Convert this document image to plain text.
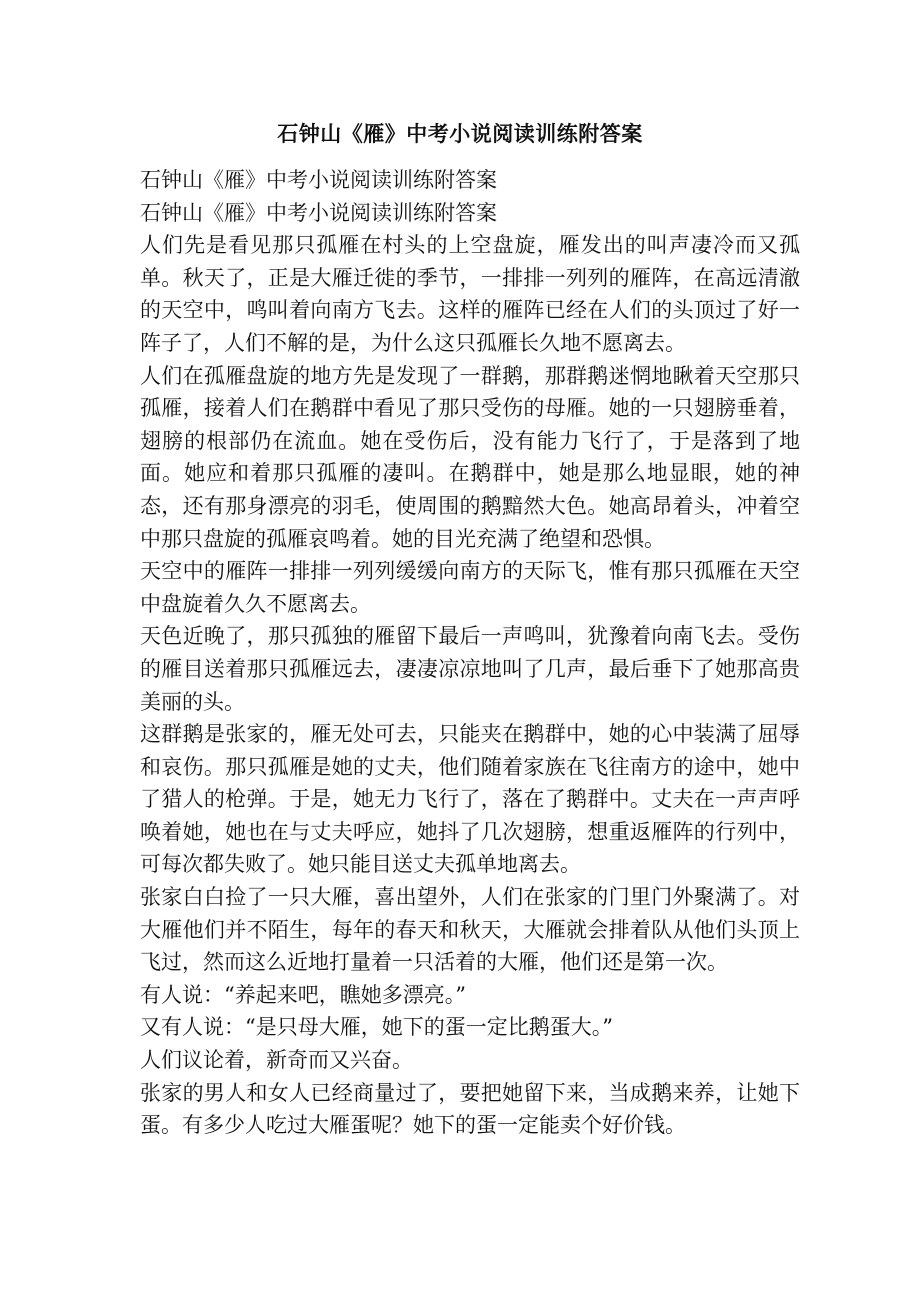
石钟山《雁》中考小说阅读训练附答案

石钟山《雁》中考小说阅读训练附答案

石钟山《雁》中考小说阅读训练附答案

人们先是看见那只孤雁在村头的上空盘旋，雁发出的叫声凄冷而又孤单。秋天了，正是大雁迁徙的季节，一排排一列列的雁阵，在高远清澈的天空中，鸣叫着向南方飞去。这样的雁阵已经在人们的头顶过了好一阵子了，人们不解的是，为什么这只孤雁长久地不愿离去。

人们在孤雁盘旋的地方先是发现了一群鹅，那群鹅迷惘地瞅着天空那只孤雁，接着人们在鹅群中看见了那只受伤的母雁。她的一只翅膀垂着，翅膀的根部仍在流血。她在受伤后，没有能力飞行了，于是落到了地面。她应和着那只孤雁的凄叫。在鹅群中，她是那么地显眼，她的神态，还有那身漂亮的羽毛，使周围的鹅黯然大色。她高昂着头，冲着空中那只盘旋的孤雁哀鸣着。她的目光充满了绝望和恐惧。

天空中的雁阵一排排一列列缓缓向南方的天际飞，惟有那只孤雁在天空中盘旋着久久不愿离去。

天色近晚了，那只孤独的雁留下最后一声鸣叫，犹豫着向南飞去。受伤的雁目送着那只孤雁远去，凄凄凉凉地叫了几声，最后垂下了她那高贵美丽的头。

这群鹅是张家的，雁无处可去，只能夹在鹅群中，她的心中装满了屈辱和哀伤。那只孤雁是她的丈夫，他们随着家族在飞往南方的途中，她中了猎人的枪弹。于是，她无力飞行了，落在了鹅群中。丈夫在一声声呼唤着她，她也在与丈夫呼应，她抖了几次翅膀，想重返雁阵的行列中，可每次都失败了。她只能目送丈夫孤单地离去。

张家白白捡了一只大雁，喜出望外，人们在张家的门里门外聚满了。对大雁他们并不陌生，每年的春天和秋天，大雁就会排着队从他们头顶上飞过，然而这么近地打量着一只活着的大雁，他们还是第一次。

有人说：“养起来吧，瞧她多漂亮。”

又有人说：“是只母大雁，她下的蛋一定比鹅蛋大。”

人们议论着，新奇而又兴奋。

张家的男人和女人已经商量过了，要把她留下来，当成鹅来养，让她下蛋。有多少人吃过大雁蛋呢？她下的蛋一定能卖个好价钱。
